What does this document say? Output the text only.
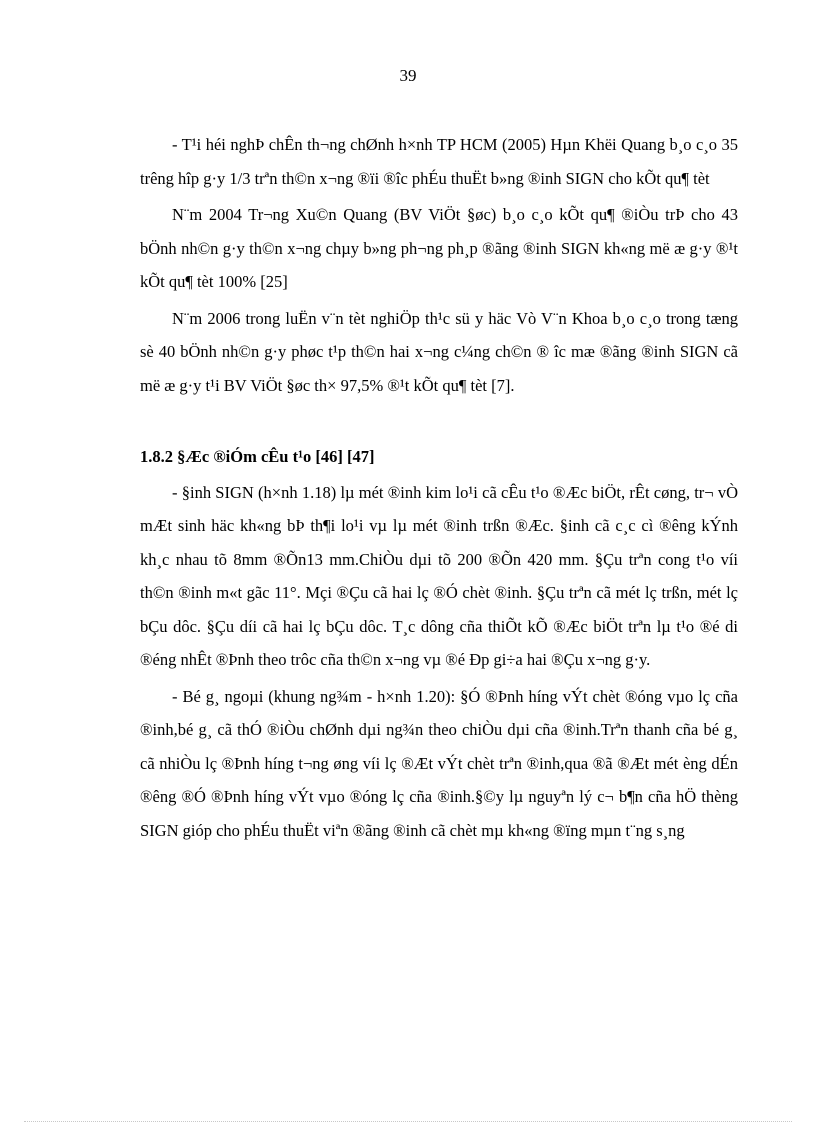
39

- T¹i héi nghÞ chÊn th¬ng chØnh h×nh TP HCM (2005) Hµn Khëi Quang b¸o c¸o 35 trêng hîp g·y 1/3 trªn th©n x¬ng ®ïi ®îc phÉu thuËt b»ng ®inh SIGN cho kÕt qu¶ tèt

N¨m 2004 Tr¬ng Xu©n Quang (BV ViÖt §øc) b¸o c¸o kÕt qu¶ ®iÒu trÞ cho 43 bÖnh nh©n g·y th©n x¬ng chµy b»ng ph¬ng ph¸p ®ãng ®inh SIGN kh«ng më æ g·y ®¹t kÕt qu¶ tèt 100% [25]

N¨m 2006 trong luËn v¨n tèt nghiÖp th¹c sü y häc Vò V¨n Khoa b¸o c¸o trong tæng sè 40 bÖnh nh©n g·y phøc t¹p th©n hai x¬ng c¼ng ch©n ® îc mæ ®ãng ®inh SIGN cã më æ g·y t¹i BV ViÖt §øc th× 97,5% ®¹t kÕt qu¶ tèt [7].

1.8.2 §Æc ®iÓm cÊu t¹o [46] [47]

- §inh SIGN (h×nh 1.18) lµ mét ®inh kim lo¹i cã cÊu t¹o ®Æc biÖt, rÊt cøng, tr¬ vÒ mÆt sinh häc kh«ng bÞ th¶i lo¹i vµ lµ mét ®inh trßn ®Æc. §inh cã c¸c cì ®êng kÝnh kh¸c nhau tõ 8mm ®Õn13 mm.ChiÒu dµi tõ 200 ®Õn 420 mm. §Çu trªn cong t¹o víi th©n ®inh m«t gãc 11°. Mçi ®Çu cã hai lç ®Ó chèt ®inh. §Çu trªn cã mét lç trßn, mét lç bÇu dôc. §Çu díi cã hai lç bÇu dôc. T¸c dông cña thiÕt kÕ ®Æc biÖt trªn lµ t¹o ®é di ®éng nhÊt ®Þnh theo trôc cña th©n x¬ng vµ ®é Ðp gi÷a hai ®Çu x¬ng g·y.

- Bé g¸ ngoµi (khung ng¾m - h×nh 1.20): §Ó ®Þnh híng vÝt chèt ®óng vµo lç cña ®inh,bé g¸ cã thÓ ®iÒu chØnh dµi ng¾n theo chiÒu dµi cña ®inh.Trªn thanh cña bé g¸ cã nhiÒu lç ®Þnh híng t¬ng øng víi lç ®Æt vÝt chèt trªn ®inh,qua ®ã ®Æt mét èng dÉn ®êng ®Ó ®Þnh híng vÝt vµo ®óng lç cña ®inh.§©y lµ nguyªn lý c¬ b¶n cña hÖ thèng SIGN gióp cho phÉu thuËt viªn ®ãng ®inh cã chèt mµ kh«ng ®ïng mµn t¨ng s¸ng
